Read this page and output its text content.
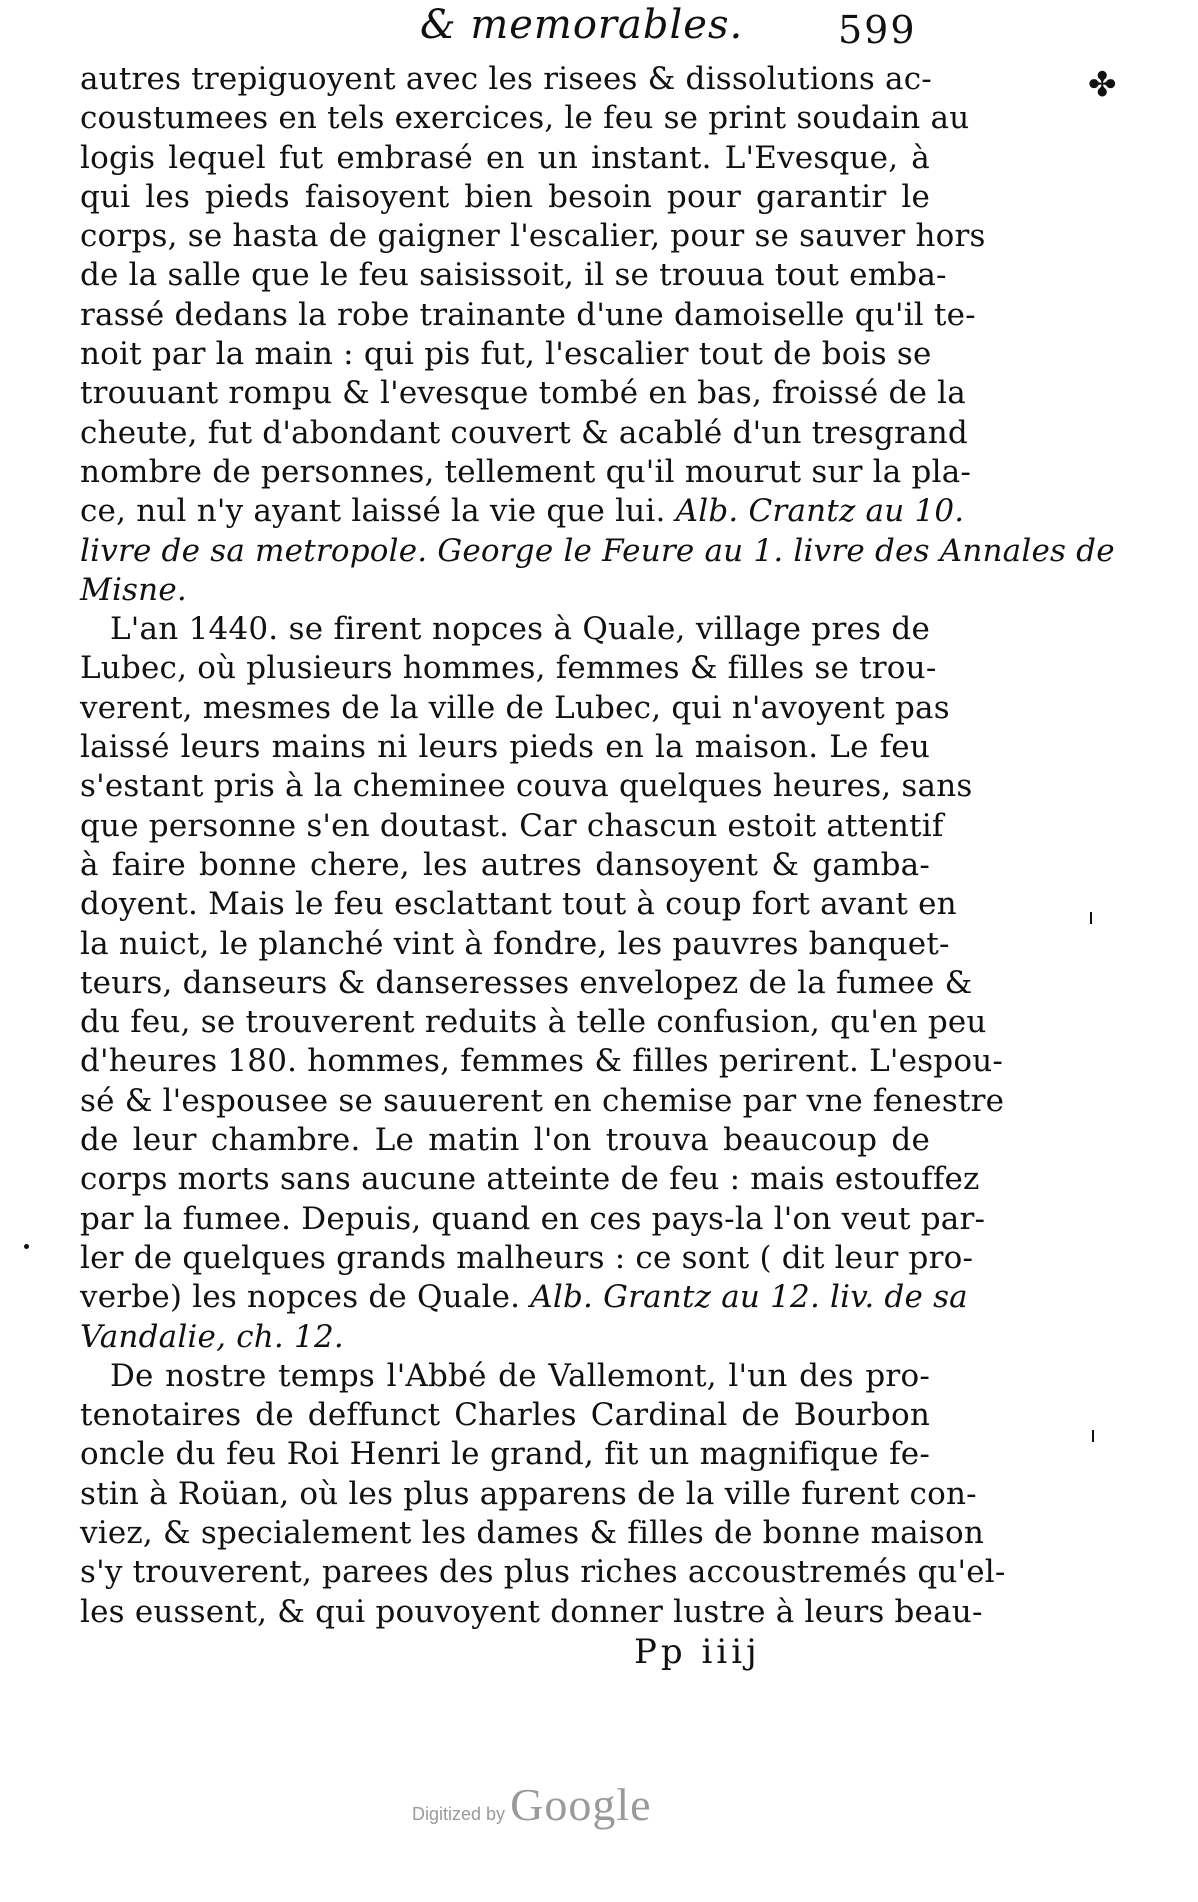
& memorables. 599
✤
autres trepiguoyent avec les risees & dissolutions ac-
coustumees en tels exercices, le feu se print soudain au
logis lequel fut embrasé en un instant. L'Evesque, à
qui les pieds faisoyent bien besoin pour garantir le
corps, se hasta de gaigner l'escalier, pour se sauver hors
de la salle que le feu saisissoit, il se trouua tout emba-
rassé dedans la robe trainante d'une damoiselle qu'il te-
noit par la main : qui pis fut, l'escalier tout de bois se
trouuant rompu & l'evesque tombé en bas, froissé de la
cheute, fut d'abondant couvert & acablé d'un tresgrand
nombre de personnes, tellement qu'il mourut sur la pla-
ce, nul n'y ayant laissé la vie que lui. Alb. Crantz au 10.
livre de sa metropole. George le Feure au 1. livre des Annales de
Misne.
L'an 1440. se firent nopces à Quale, village pres de
Lubec, où plusieurs hommes, femmes & filles se trou-
verent, mesmes de la ville de Lubec, qui n'avoyent pas
laissé leurs mains ni leurs pieds en la maison. Le feu
s'estant pris à la cheminee couva quelques heures, sans
que personne s'en doutast. Car chascun estoit attentif
à faire bonne chere, les autres dansoyent & gamba-
doyent. Mais le feu esclattant tout à coup fort avant en
la nuict, le planché vint à fondre, les pauvres banquet-
teurs, danseurs & danseresses envelopez de la fumee &
du feu, se trouverent reduits à telle confusion, qu'en peu
d'heures 180. hommes, femmes & filles perirent. L'espou-
sé & l'espousee se sauuerent en chemise par vne fenestre
de leur chambre. Le matin l'on trouva beaucoup de
corps morts sans aucune atteinte de feu : mais estouffez
par la fumee. Depuis, quand en ces pays-la l'on veut par-
ler de quelques grands malheurs : ce sont ( dit leur pro-
verbe) les nopces de Quale. Alb. Grantz au 12. liv. de sa
Vandalie, ch. 12.
De nostre temps l'Abbé de Vallemont, l'un des pro-
tenotaires de deffunct Charles Cardinal de Bourbon
oncle du feu Roi Henri le grand, fit un magnifique fe-
stin à Roüan, où les plus apparens de la ville furent con-
viez, & specialement les dames & filles de bonne maison
s'y trouverent, parees des plus riches accoustremés qu'el-
les eussent, & qui pouvoyent donner lustre à leurs beau-
Pp iiij
Digitized by Google
